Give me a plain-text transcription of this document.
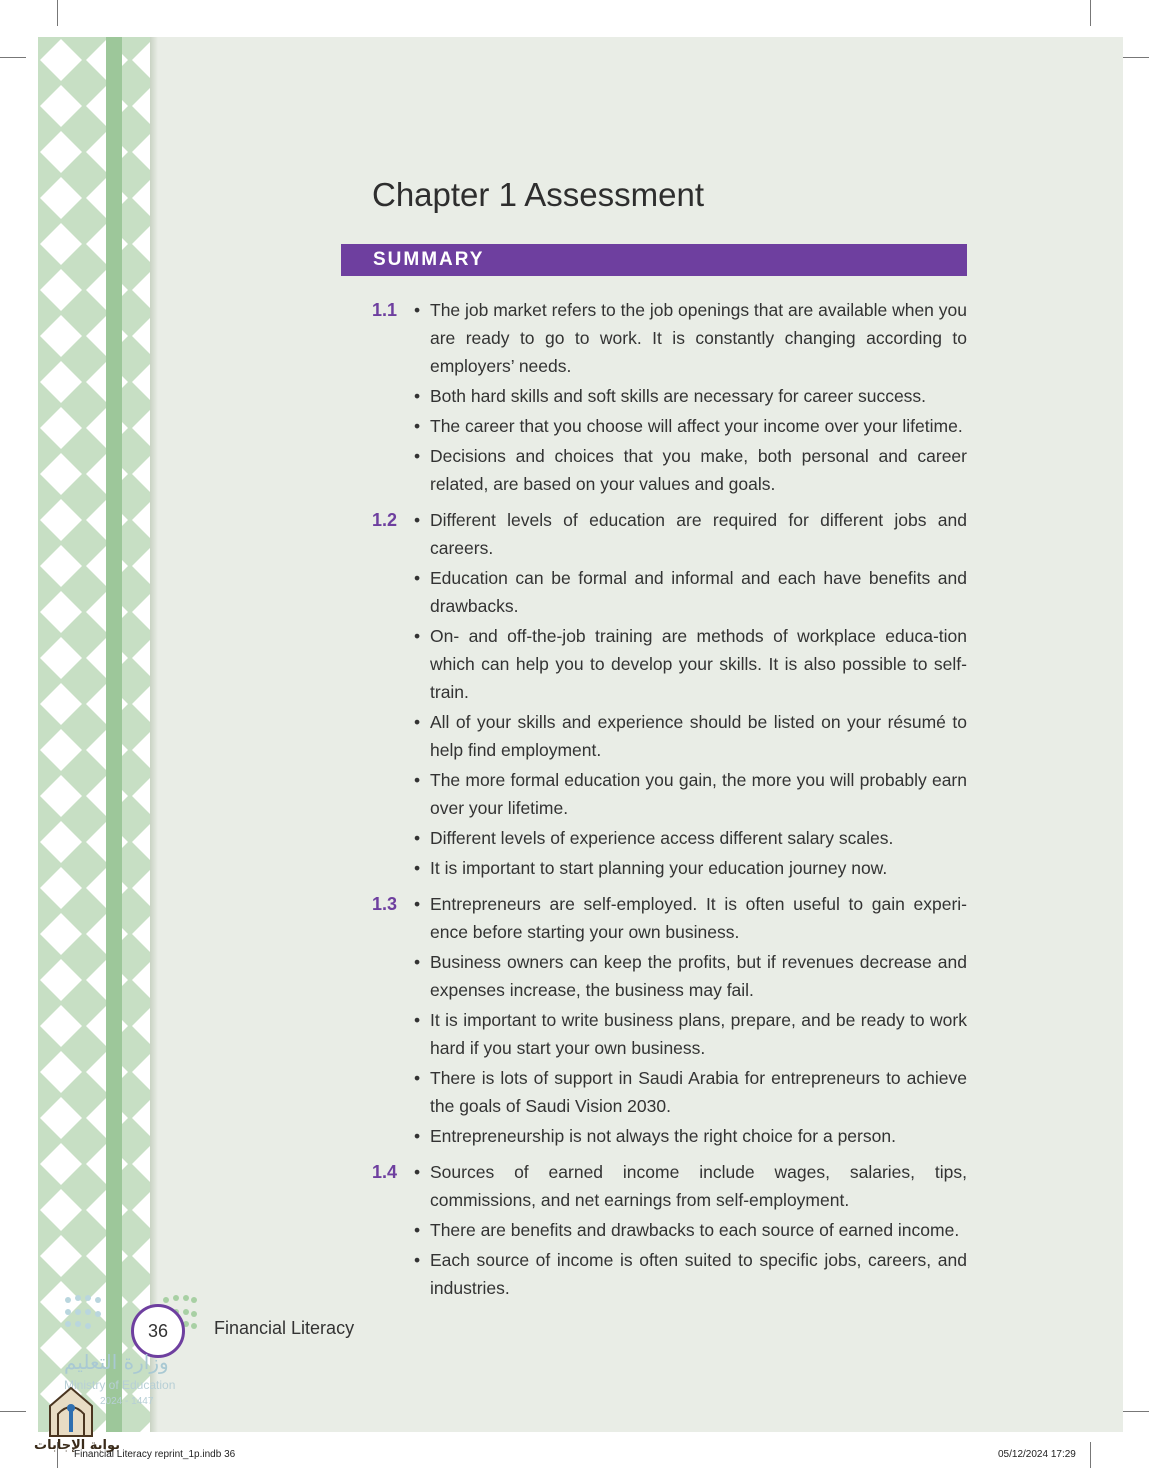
Chapter 1 Assessment
SUMMARY
1.1 • The job market refers to the job openings that are available when you are ready to go to work. It is constantly changing according to employers’ needs.
• Both hard skills and soft skills are necessary for career success.
• The career that you choose will affect your income over your lifetime.
• Decisions and choices that you make, both personal and career related, are based on your values and goals.
1.2 • Different levels of education are required for different jobs and careers.
• Education can be formal and informal and each have benefits and drawbacks.
• On- and off-the-job training are methods of workplace educa-tion which can help you to develop your skills. It is also possible to self-train.
• All of your skills and experience should be listed on your résumé to help find employment.
• The more formal education you gain, the more you will probably earn over your lifetime.
• Different levels of experience access different salary scales.
• It is important to start planning your education journey now.
1.3 • Entrepreneurs are self-employed. It is often useful to gain experi-ence before starting your own business.
• Business owners can keep the profits, but if revenues decrease and expenses increase, the business may fail.
• It is important to write business plans, prepare, and be ready to work hard if you start your own business.
• There is lots of support in Saudi Arabia for entrepreneurs to achieve the goals of Saudi Vision 2030.
• Entrepreneurship is not always the right choice for a person.
1.4 • Sources of earned income include wages, salaries, tips, commissions, and net earnings from self-employment.
• There are benefits and drawbacks to each source of earned income.
• Each source of income is often suited to specific jobs, careers, and industries.
36	Financial Literacy
وزارة التعليم
Ministry of Education
2024 - 1447
بوابة الإجابات
Financial Literacy reprint_1p.indb 36	05/12/2024 17:29
